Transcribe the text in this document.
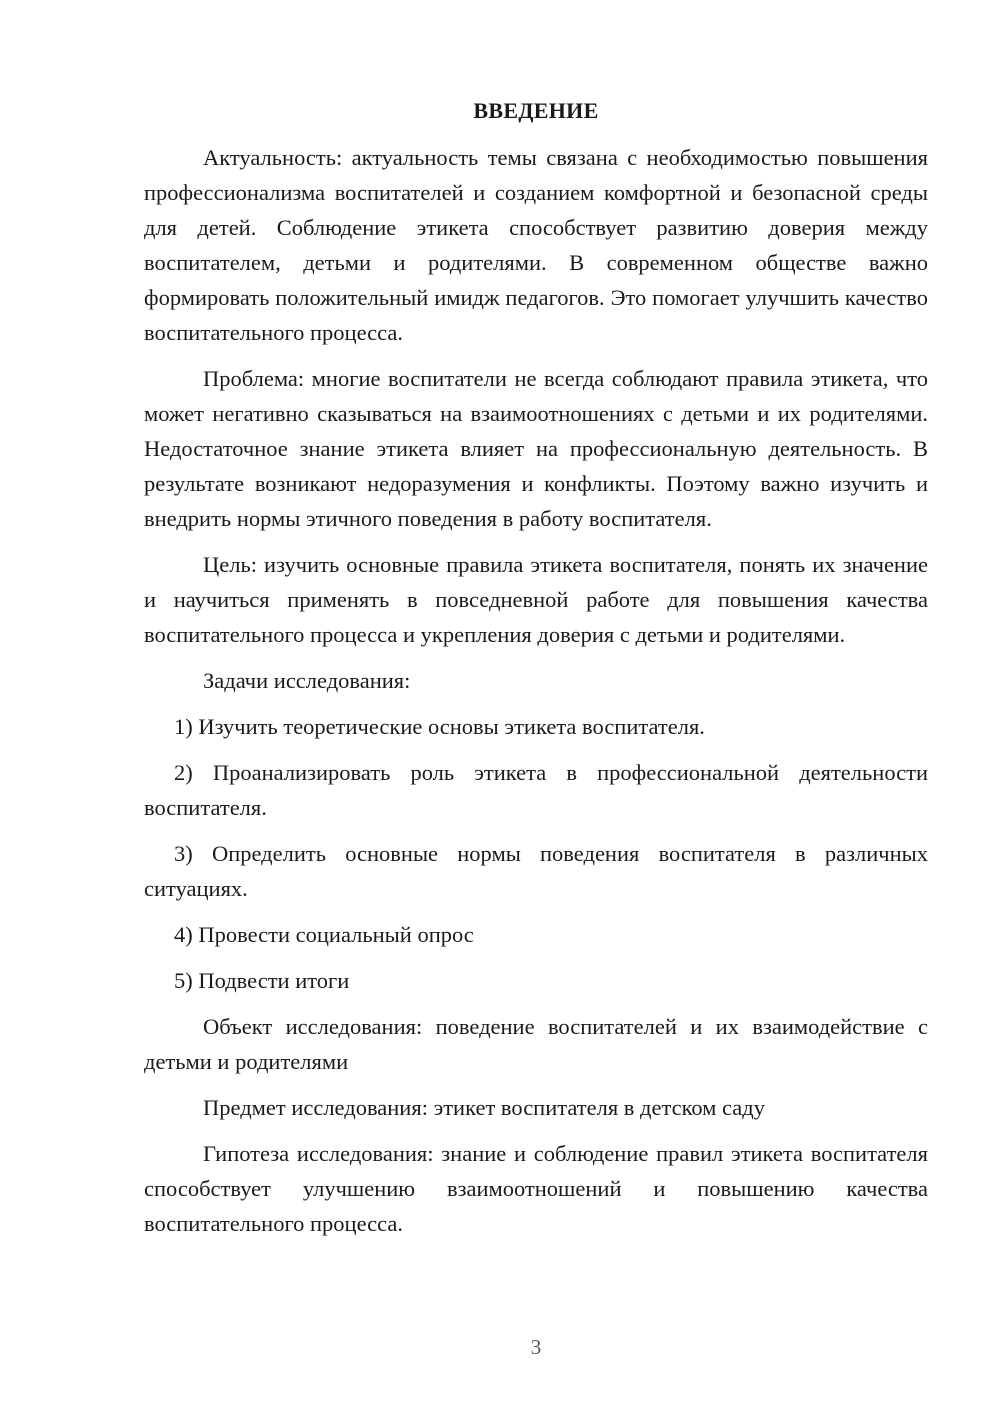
ВВЕДЕНИЕ

Актуальность: актуальность темы связана с необходимостью повышения профессионализма воспитателей и созданием комфортной и безопасной среды для детей. Соблюдение этикета способствует развитию доверия между воспитателем, детьми и родителями. В современном обществе важно формировать положительный имидж педагогов. Это помогает улучшить качество воспитательного процесса.

Проблема: многие воспитатели не всегда соблюдают правила этикета, что может негативно сказываться на взаимоотношениях с детьми и их родителями. Недостаточное знание этикета влияет на профессиональную деятельность. В результате возникают недоразумения и конфликты. Поэтому важно изучить и внедрить нормы этичного поведения в работу воспитателя.

Цель: изучить основные правила этикета воспитателя, понять их значение и научиться применять в повседневной работе для повышения качества воспитательного процесса и укрепления доверия с детьми и родителями.

Задачи исследования:

1) Изучить теоретические основы этикета воспитателя.

2) Проанализировать роль этикета в профессиональной деятельности воспитателя.

3) Определить основные нормы поведения воспитателя в различных ситуациях.

4) Провести социальный опрос

5) Подвести итоги

Объект исследования: поведение воспитателей и их взаимодействие с детьми и родителями

Предмет исследования: этикет воспитателя в детском саду

Гипотеза исследования: знание и соблюдение правил этикета воспитателя способствует улучшению взаимоотношений и повышению качества воспитательного процесса.

3
